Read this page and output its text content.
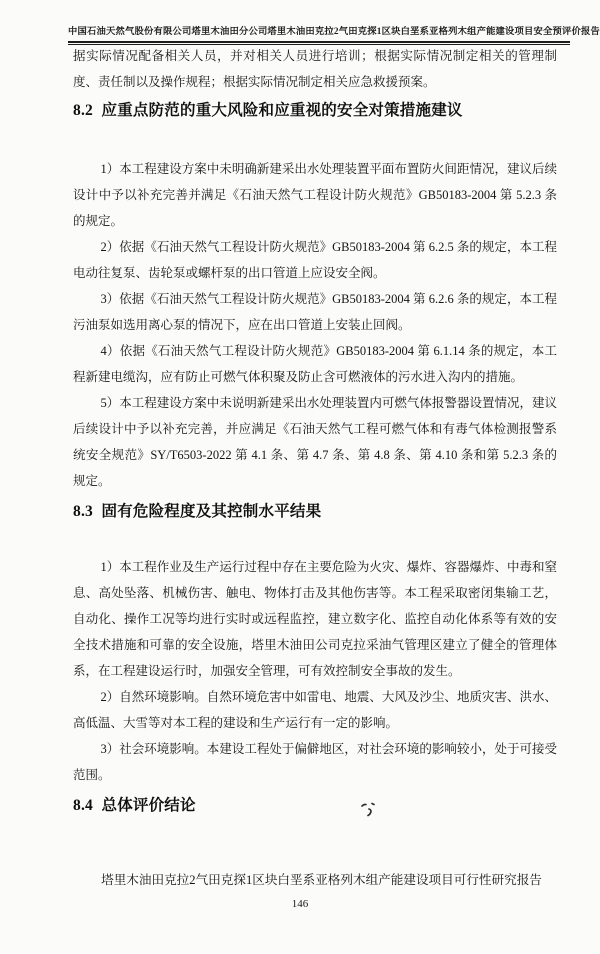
中国石油天然气股份有限公司塔里木油田分公司塔里木油田克拉2气田克探1区块白垩系亚格列木组产能建设项目安全预评价报告

据实际情况配备相关人员，并对相关人员进行培训；根据实际情况制定相关的管理制度、责任制以及操作规程；根据实际情况制定相关应急救援预案。

8.2 应重点防范的重大风险和应重视的安全对策措施建议

1）本工程建设方案中未明确新建采出水处理装置平面布置防火间距情况，建议后续设计中予以补充完善并满足《石油天然气工程设计防火规范》GB50183-2004 第 5.2.3 条的规定。

2）依据《石油天然气工程设计防火规范》GB50183-2004 第 6.2.5 条的规定，本工程电动往复泵、齿轮泵或螺杆泵的出口管道上应设安全阀。

3）依据《石油天然气工程设计防火规范》GB50183-2004 第 6.2.6 条的规定，本工程污油泵如选用离心泵的情况下，应在出口管道上安装止回阀。

4）依据《石油天然气工程设计防火规范》GB50183-2004 第 6.1.14 条的规定，本工程新建电缆沟，应有防止可燃气体积聚及防止含可燃液体的污水进入沟内的措施。

5）本工程建设方案中未说明新建采出水处理装置内可燃气体报警器设置情况，建议后续设计中予以补充完善，并应满足《石油天然气工程可燃气体和有毒气体检测报警系统安全规范》SY/T6503-2022 第 4.1 条、第 4.7 条、第 4.8 条、第 4.10 条和第 5.2.3 条的规定。

8.3 固有危险程度及其控制水平结果

1）本工程作业及生产运行过程中存在主要危险为火灾、爆炸、容器爆炸、中毒和窒息、高处坠落、机械伤害、触电、物体打击及其他伤害等。本工程采取密闭集输工艺，自动化、操作工况等均进行实时或远程监控，建立数字化、监控自动化体系等有效的安全技术措施和可靠的安全设施，塔里木油田公司克拉采油气管理区建立了健全的管理体系，在工程建设运行时，加强安全管理，可有效控制安全事故的发生。

2）自然环境影响。自然环境危害中如雷电、地震、大风及沙尘、地质灾害、洪水、高低温、大雪等对本工程的建设和生产运行有一定的影响。

3）社会环境影响。本建设工程处于偏僻地区，对社会环境的影响较小，处于可接受范围。

8.4 总体评价结论
塔里木油田克拉2气田克探1区块白垩系亚格列木组产能建设项目可行性研究报告
146
